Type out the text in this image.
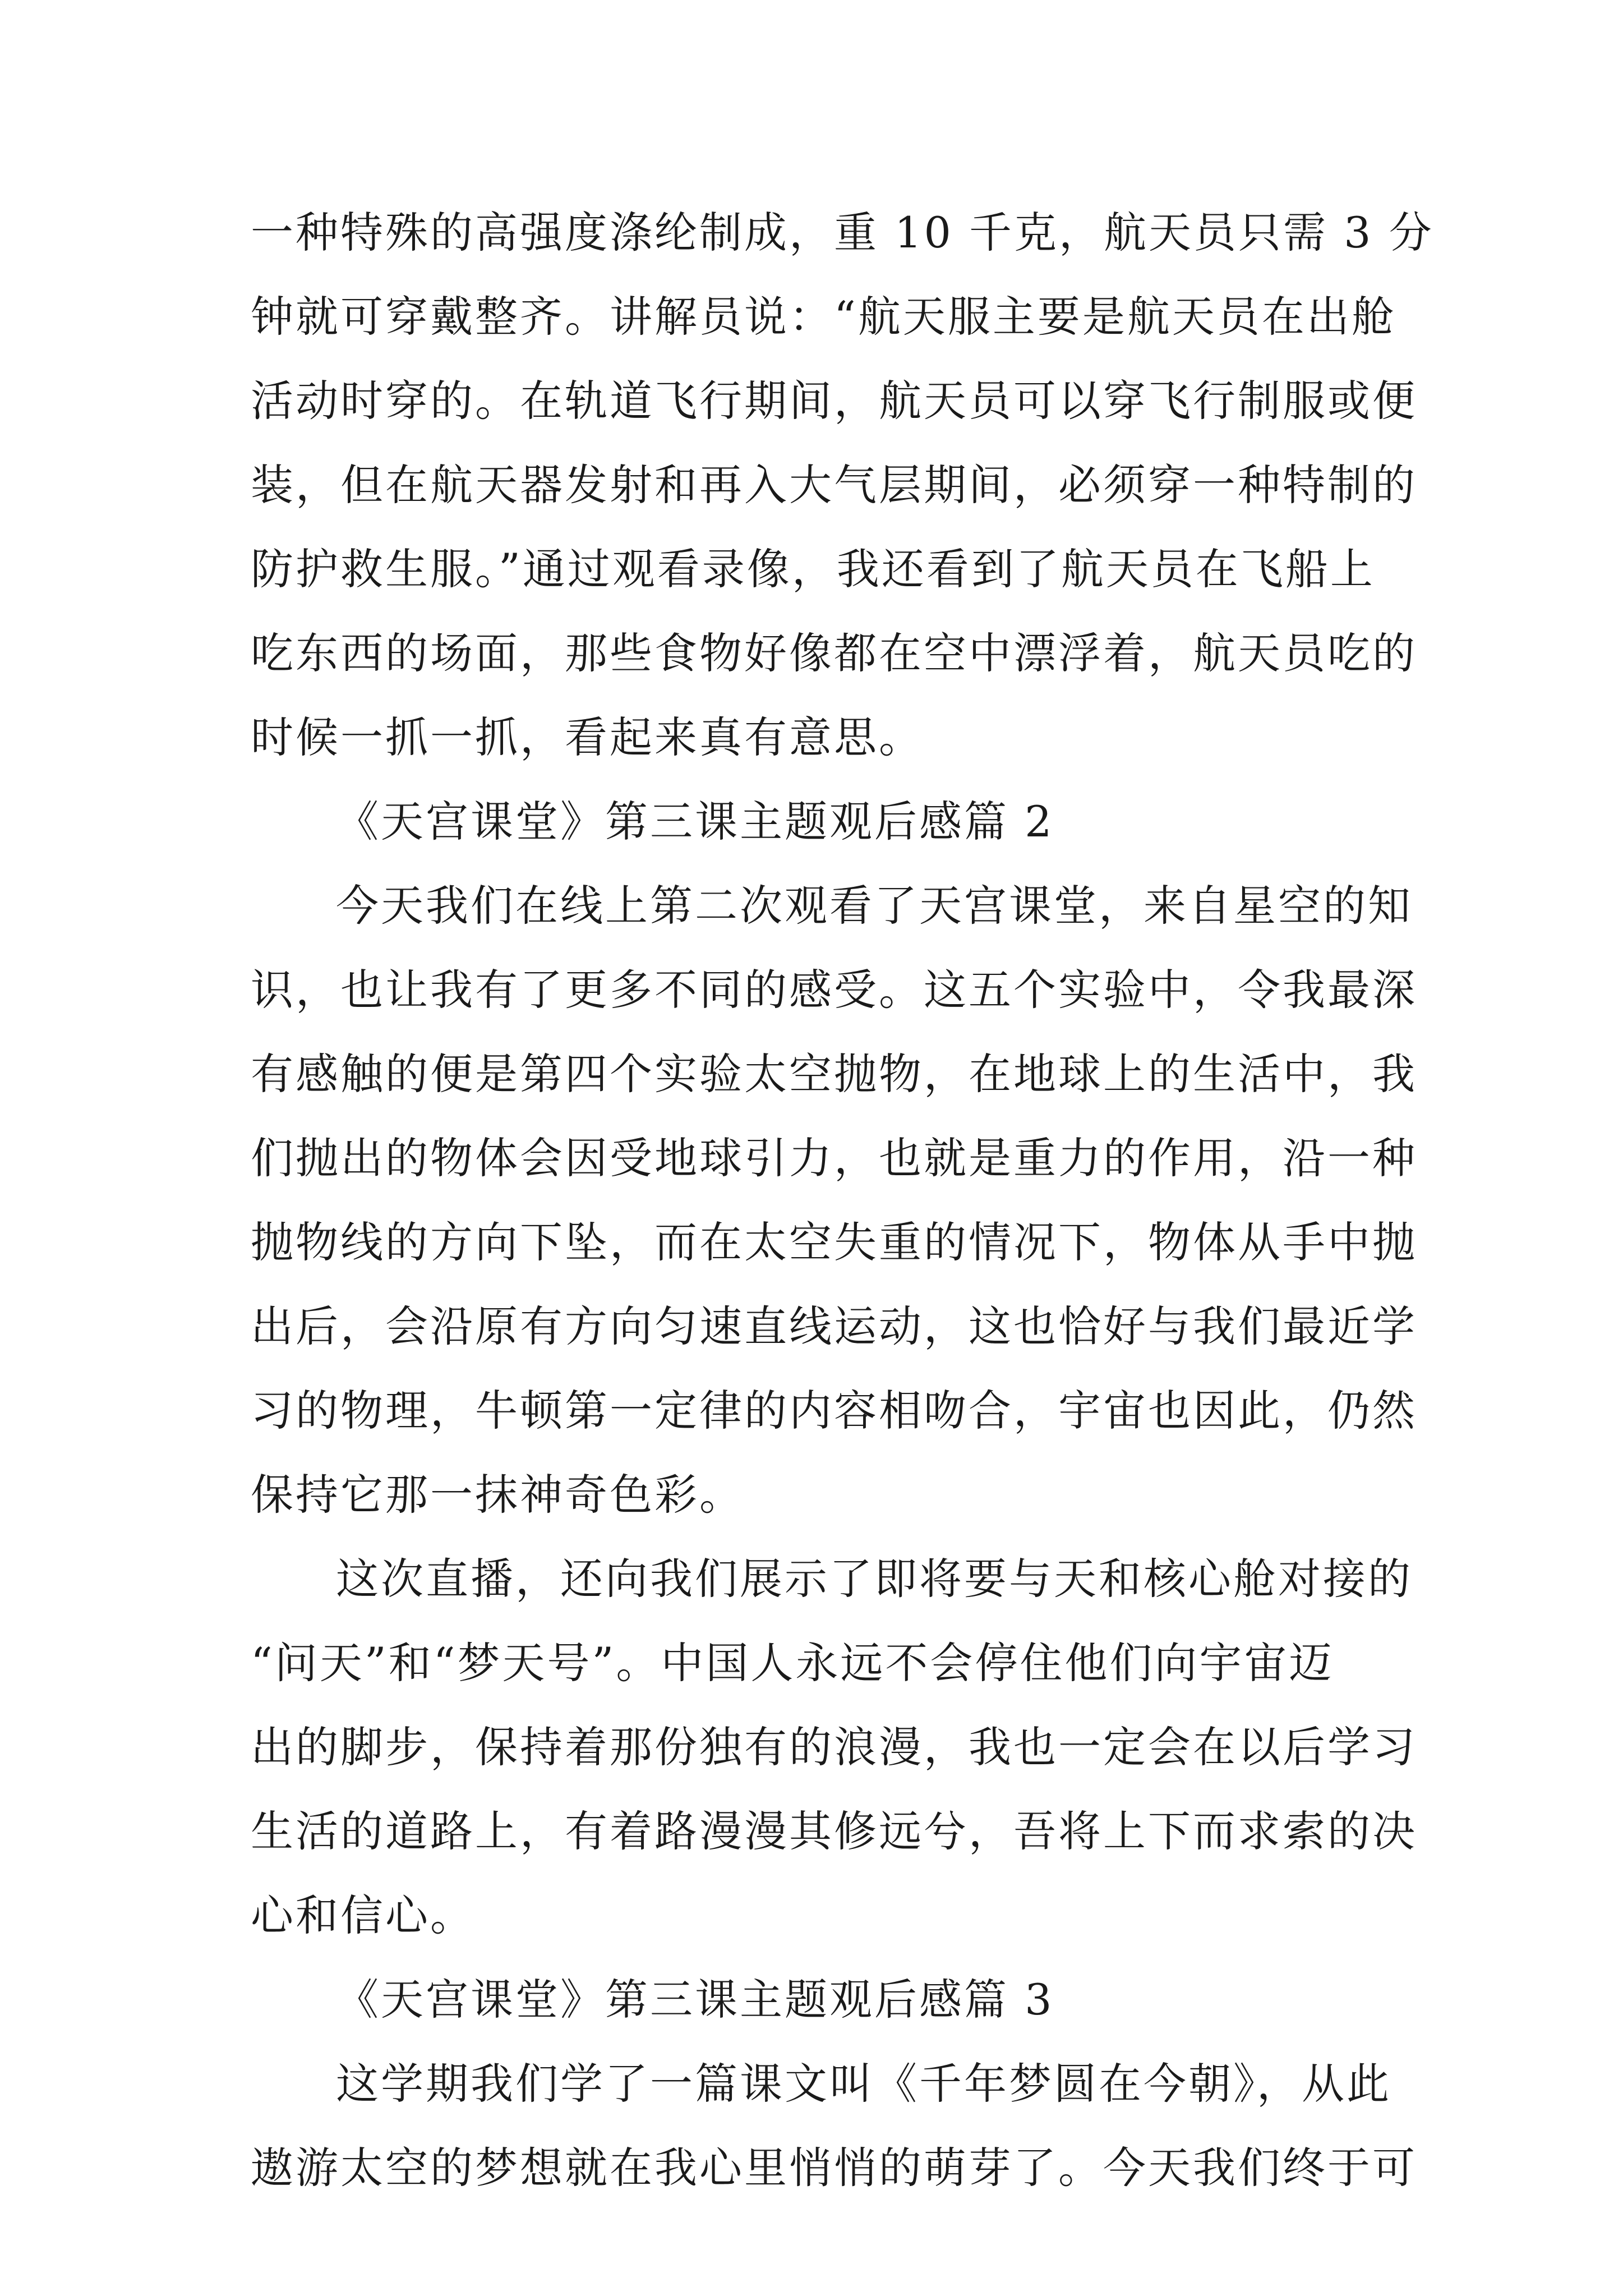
一种特殊的高强度涤纶制成，重 10 千克，航天员只需 3 分
钟就可穿戴整齐。讲解员说：“航天服主要是航天员在出舱
活动时穿的。在轨道飞行期间，航天员可以穿飞行制服或便
装，但在航天器发射和再入大气层期间，必须穿一种特制的
防护救生服。”通过观看录像，我还看到了航天员在飞船上
吃东西的场面，那些食物好像都在空中漂浮着，航天员吃的
时候一抓一抓，看起来真有意思。
《天宫课堂》第三课主题观后感篇 2
今天我们在线上第二次观看了天宫课堂，来自星空的知
识，也让我有了更多不同的感受。这五个实验中，令我最深
有感触的便是第四个实验太空抛物，在地球上的生活中，我
们抛出的物体会因受地球引力，也就是重力的作用，沿一种
抛物线的方向下坠，而在太空失重的情况下，物体从手中抛
出后，会沿原有方向匀速直线运动，这也恰好与我们最近学
习的物理，牛顿第一定律的内容相吻合，宇宙也因此，仍然
保持它那一抹神奇色彩。
这次直播，还向我们展示了即将要与天和核心舱对接的
“问天”和“梦天号”。中国人永远不会停住他们向宇宙迈
出的脚步，保持着那份独有的浪漫，我也一定会在以后学习
生活的道路上，有着路漫漫其修远兮，吾将上下而求索的决
心和信心。
《天宫课堂》第三课主题观后感篇 3
这学期我们学了一篇课文叫《千年梦圆在今朝》，从此
遨游太空的梦想就在我心里悄悄的萌芽了。今天我们终于可
